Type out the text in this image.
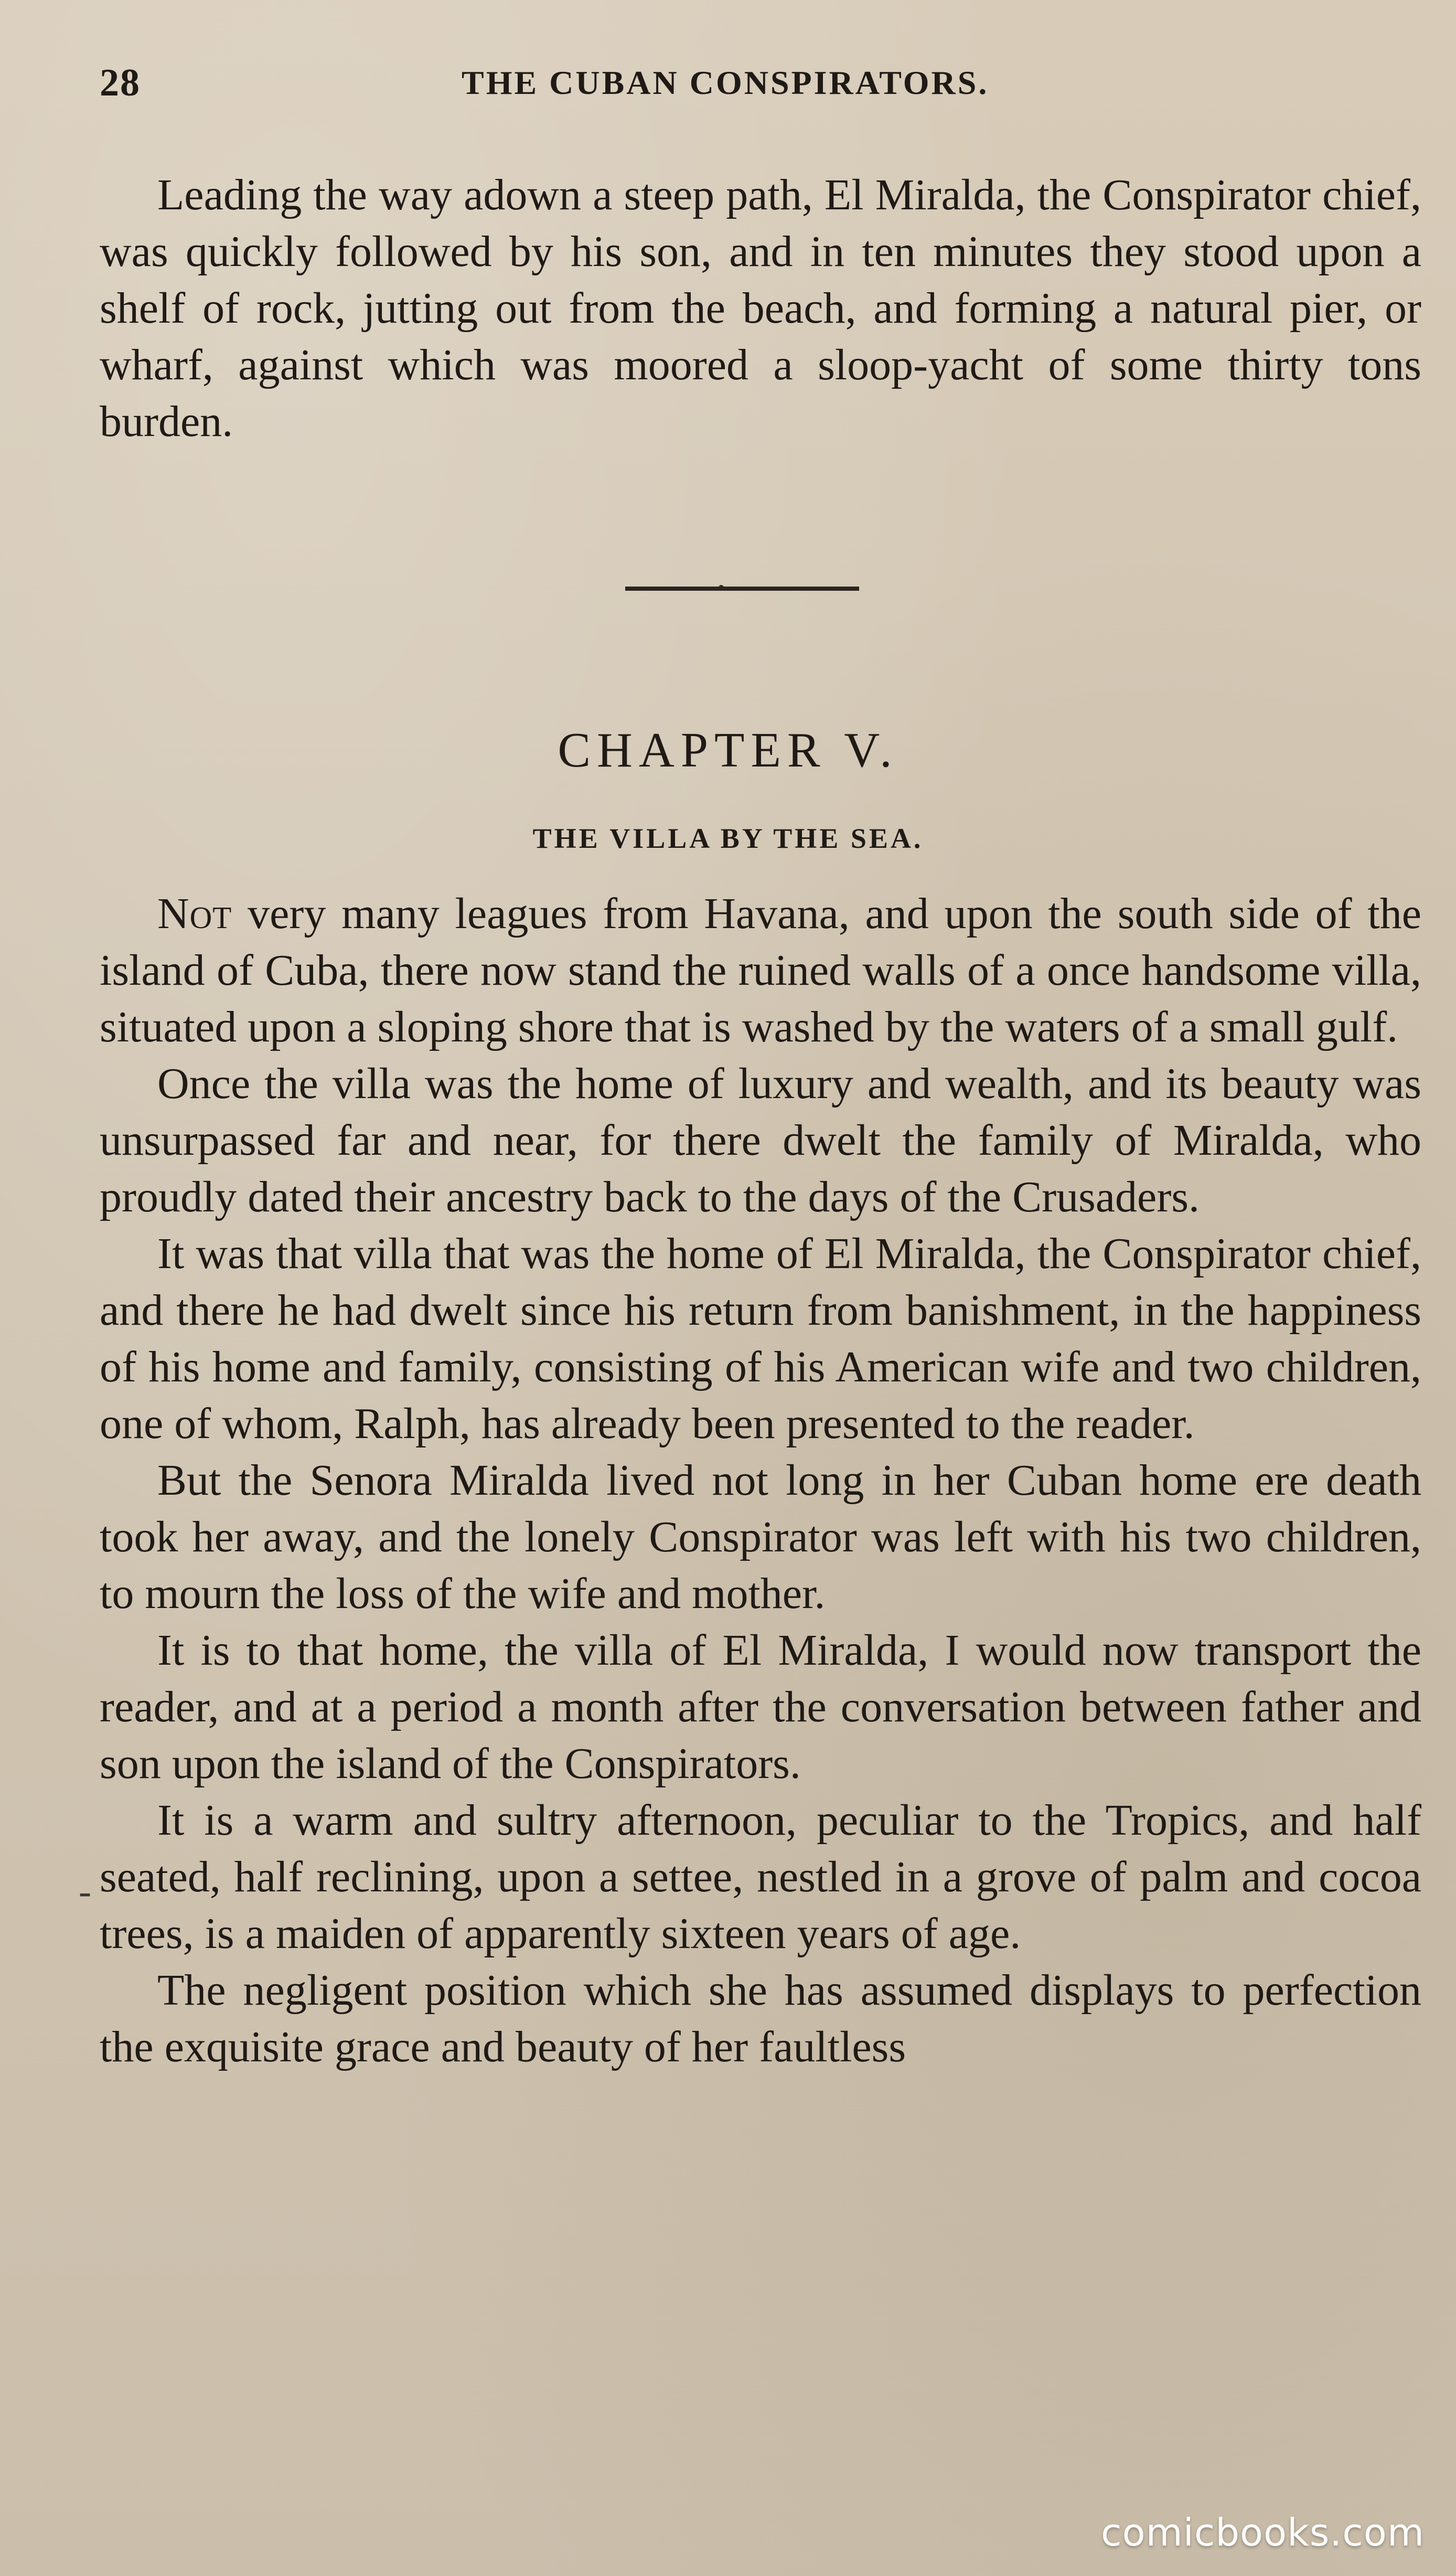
28	THE CUBAN CONSPIRATORS.

Leading the way adown a steep path, El Miralda, the Conspirator chief, was quickly followed by his son, and in ten minutes they stood upon a shelf of rock, jutting out from the beach, and forming a natural pier, or wharf, against which was moored a sloop-yacht of some thirty tons burden.

CHAPTER V.
THE VILLA BY THE SEA.

Not very many leagues from Havana, and upon the south side of the island of Cuba, there now stand the ruined walls of a once handsome villa, situated upon a sloping shore that is washed by the waters of a small gulf.

Once the villa was the home of luxury and wealth, and its beauty was unsurpassed far and near, for there dwelt the family of Miralda, who proudly dated their ancestry back to the days of the Crusaders.

It was that villa that was the home of El Miralda, the Conspirator chief, and there he had dwelt since his return from banishment, in the happiness of his home and family, consisting of his American wife and two children, one of whom, Ralph, has already been presented to the reader.

But the Senora Miralda lived not long in her Cuban home ere death took her away, and the lonely Conspirator was left with his two children, to mourn the loss of the wife and mother.

It is to that home, the villa of El Miralda, I would now transport the reader, and at a period a month after the conversation between father and son upon the island of the Conspirators.

It is a warm and sultry afternoon, peculiar to the Tropics, and half seated, half reclining, upon a settee, nestled in a grove of palm and cocoa trees, is a maiden of apparently sixteen years of age.

The negligent position which she has assumed displays to perfection the exquisite grace and beauty of her faultless

-
comicbooks.com
